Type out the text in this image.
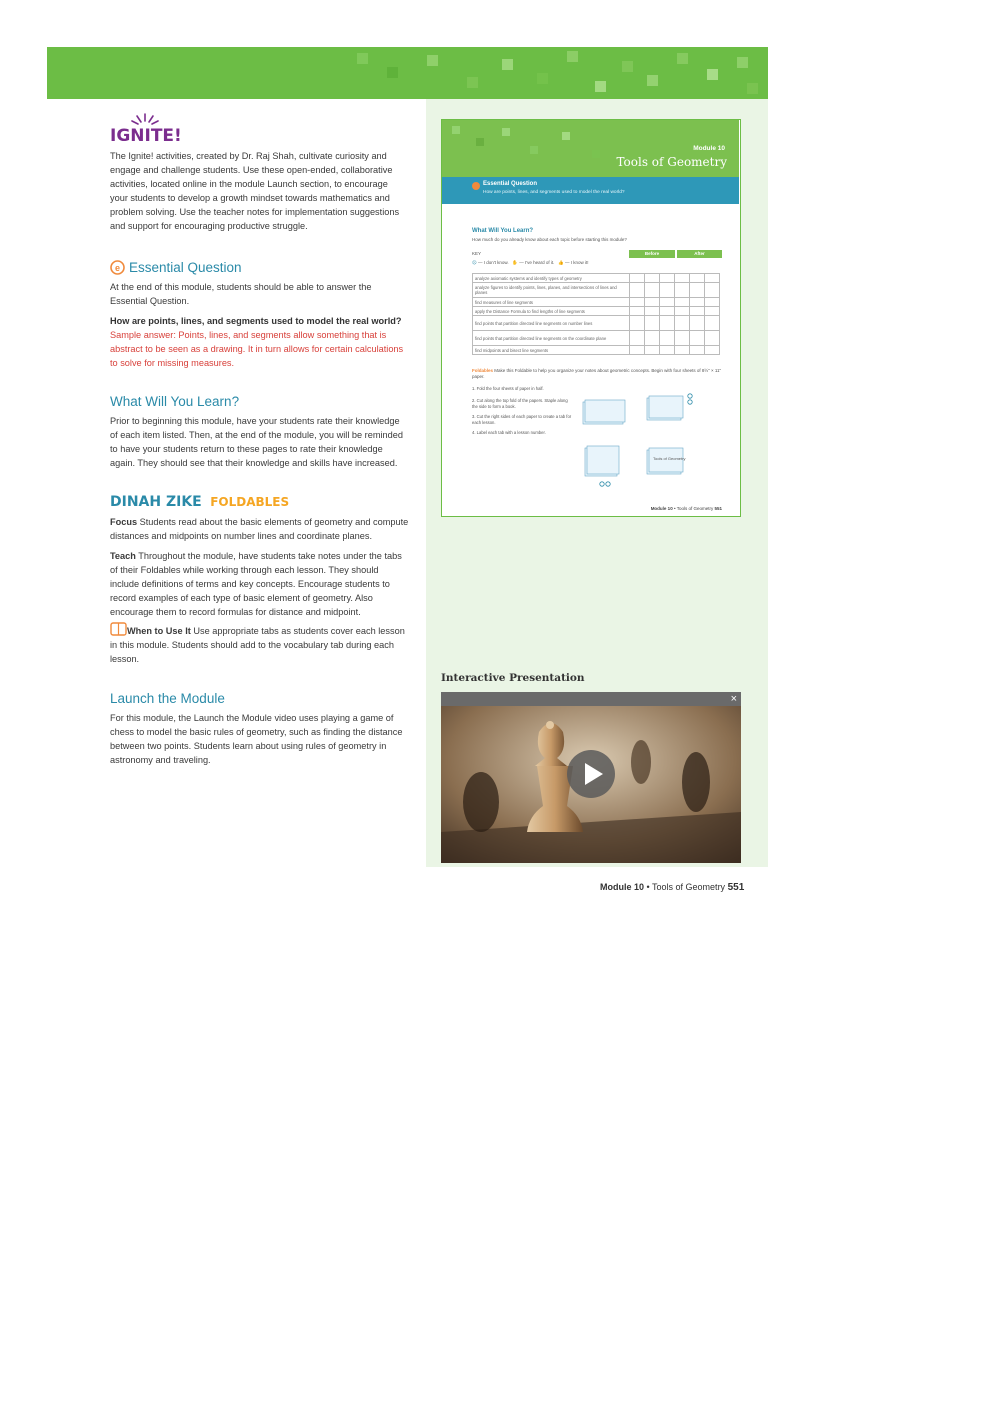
IGNITE!

The Ignite! activities, created by Dr. Raj Shah, cultivate curiosity and engage and challenge students. Use these open-ended, collaborative activities, located online in the module Launch section, to encourage your students to develop a growth mindset towards mathematics and problem solving. Use the teacher notes for implementation suggestions and support for encouraging productive struggle.

e Essential Question

At the end of this module, students should be able to answer the Essential Question.

How are points, lines, and segments used to model the real world?

Sample answer: Points, lines, and segments allow something that is abstract to be seen as a drawing. It in turn allows for certain calculations to solve for missing measures.

What Will You Learn?

Prior to beginning this module, have your students rate their knowledge of each item listed. Then, at the end of the module, you will be reminded to have your students return to these pages to rate their knowledge again. They should see that their knowledge and skills have increased.

DINAH ZIKE FOLDABLES

Focus Students read about the basic elements of geometry and compute distances and midpoints on number lines and coordinate planes.

Teach Throughout the module, have students take notes under the tabs of their Foldables while working through each lesson. They should include definitions of terms and key concepts. Encourage students to record examples of each type of basic element of geometry. Also encourage them to record formulas for distance and midpoint.

When to Use It Use appropriate tabs as students cover each lesson in this module. Students should add to the vocabulary tab during each lesson.

Launch the Module

For this module, the Launch the Module video uses playing a game of chess to model the basic rules of geometry, such as finding the distance between two points. Students learn about using rules of geometry in astronomy and traveling.

Module 10
Tools of Geometry
Essential Question
How are points, lines, and segments used to model the real world?
What Will You Learn?
How much do you already know about each topic before starting this module?
KEY
☹ — I don't know. ✋ — I've heard of it. 👍 — I know it!
Before	After
analyze axiomatic systems and identify types of geometry						
analyze figures to identify points, lines, planes, and intersections of lines and planes						
find measures of line segments						
apply the Distance Formula to find lengths of line segments						
find points that partition directed line segments on number lines						
find points that partition directed line segments on the coordinate plane						
find midpoints and bisect line segments						
Foldables Make this Foldable to help you organize your notes about geometric concepts. Begin with four sheets of 8½" × 11" paper.
1. Fold the four sheets of paper in half.
2. Cut along the top fold of the papers. Staple along the side to form a book.
3. Cut the right sides of each paper to create a tab for each lesson.
4. Label each tab with a lesson number.
Tools of Geometry
Module 10 • Tools of Geometry 551
Interactive Presentation
×
Module 10 • Tools of Geometry 551
